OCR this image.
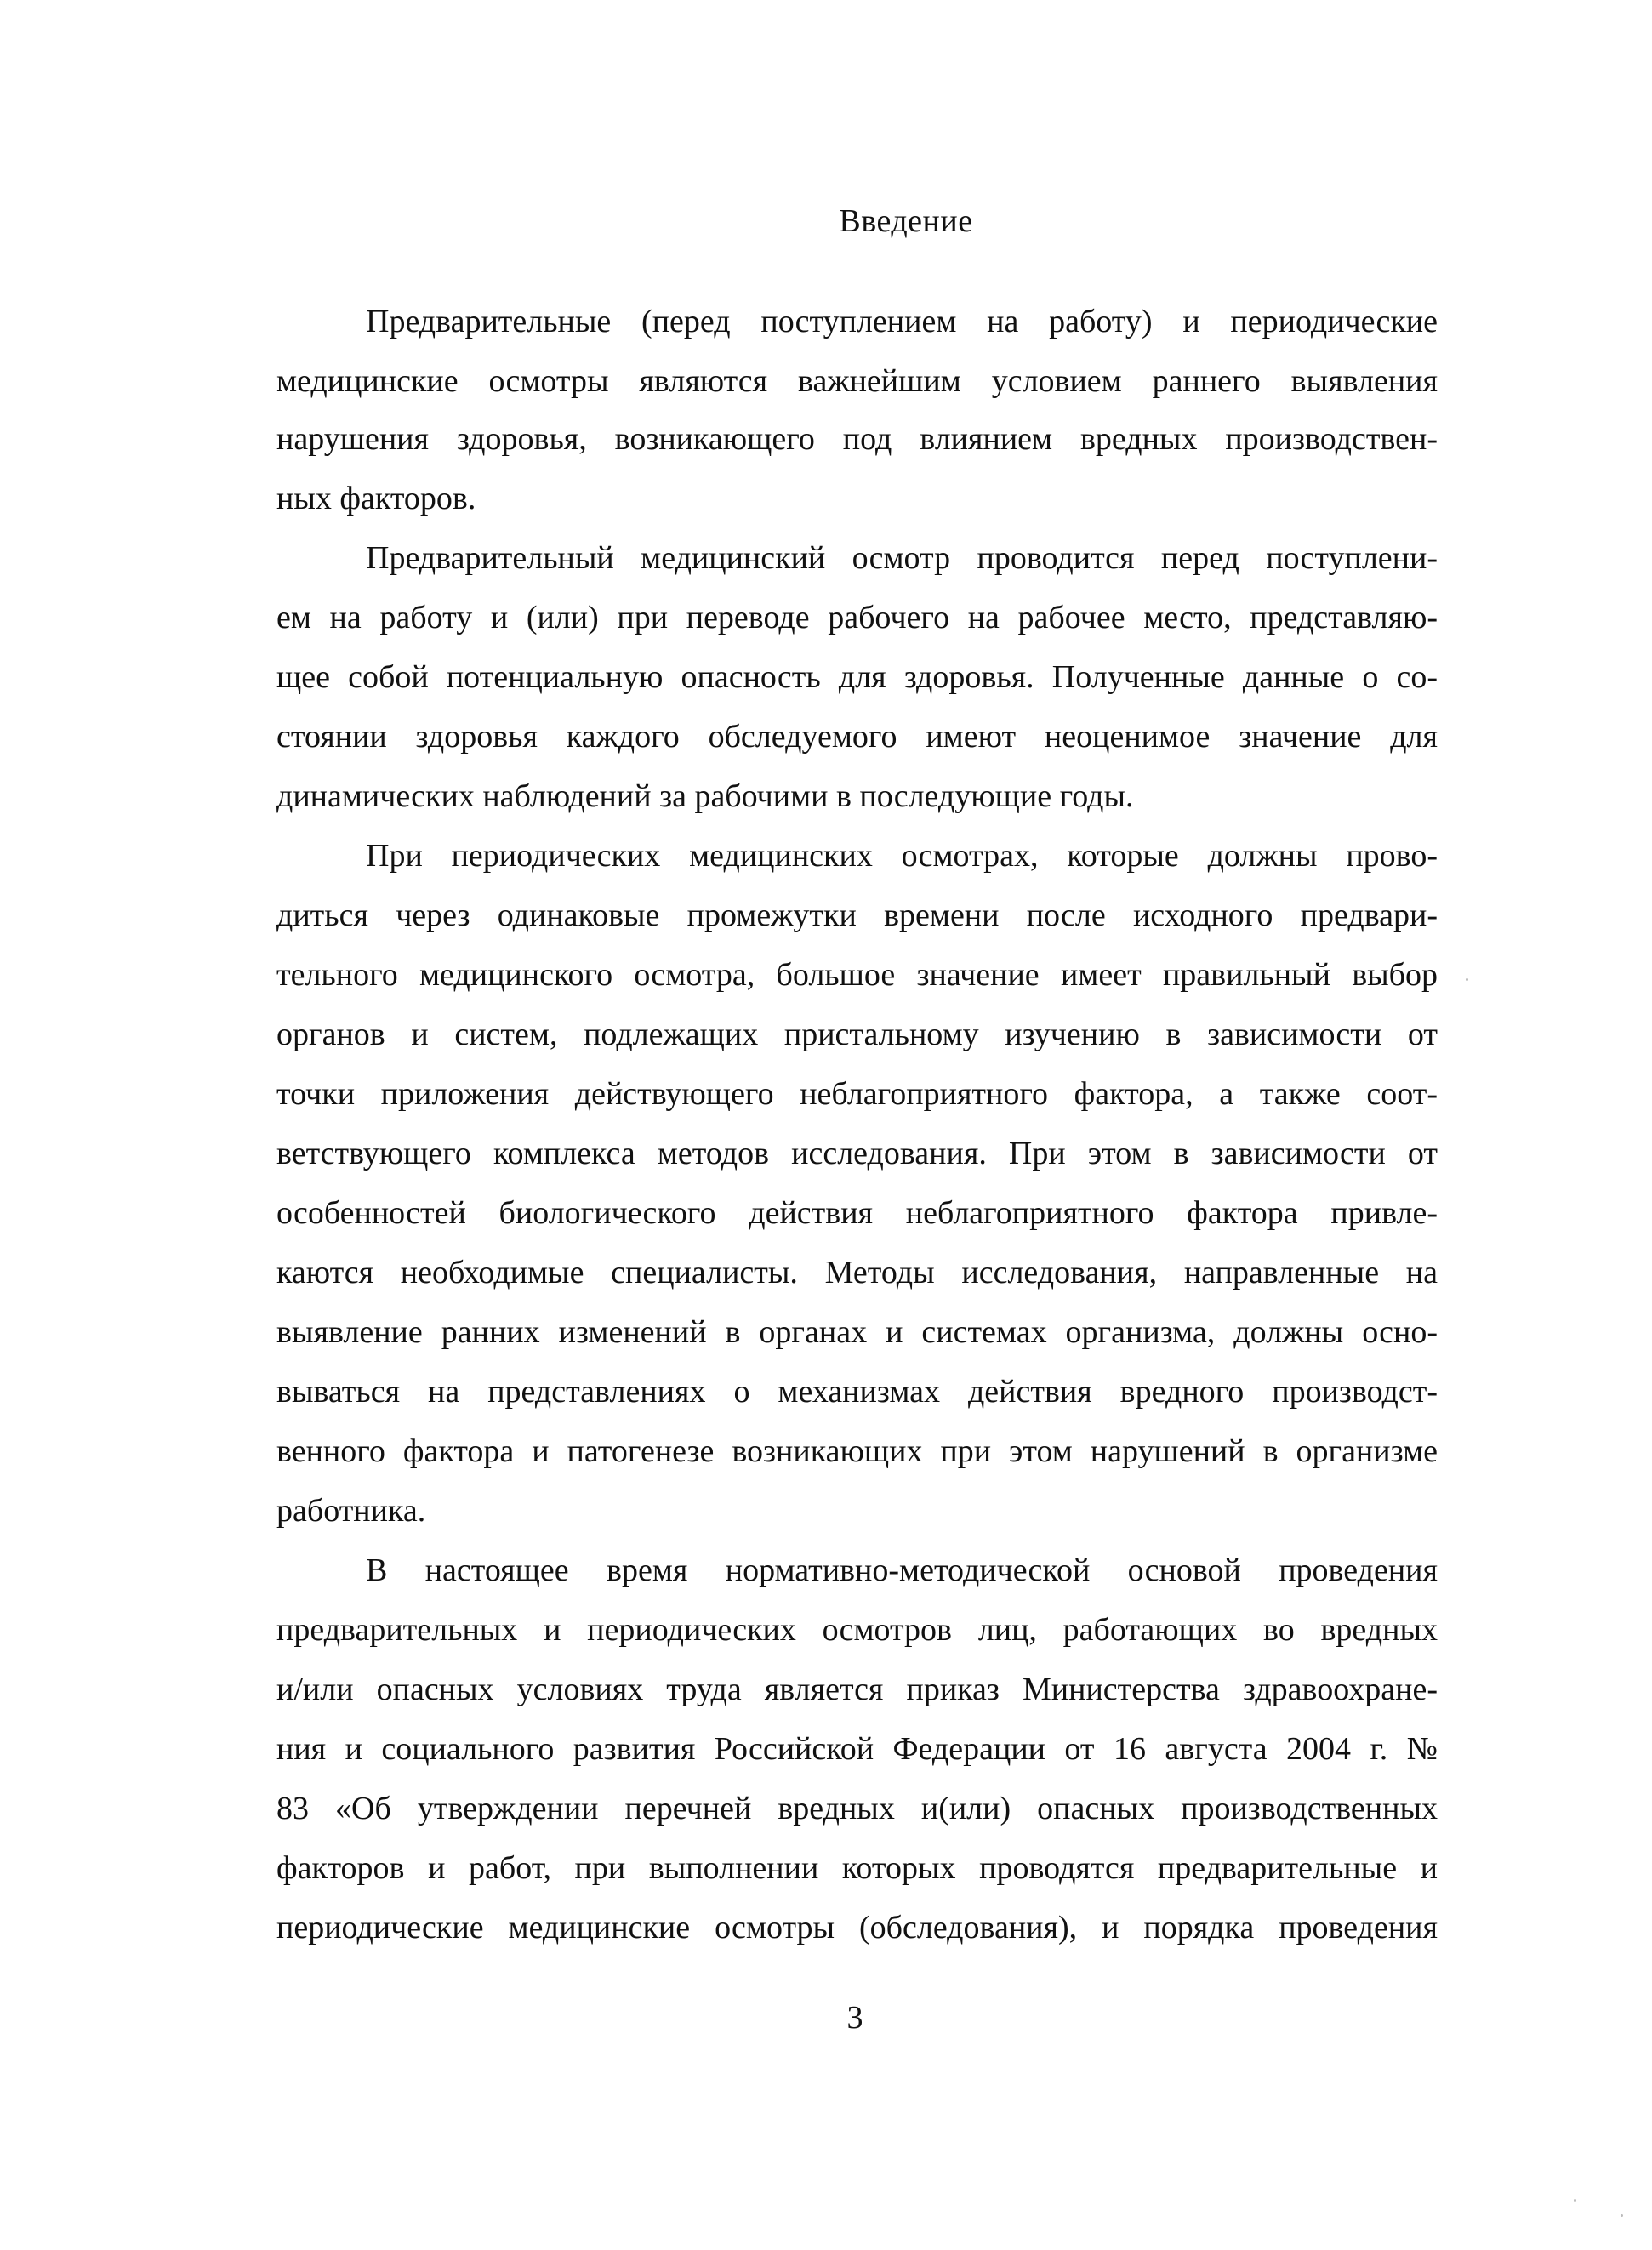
Введение
Предварительные (перед поступлением на работу) и периодические
медицинские осмотры являются важнейшим условием раннего выявления
нарушения здоровья, возникающего под влиянием вредных производствен-
ных факторов.
Предварительный медицинский осмотр проводится перед поступлени-
ем на работу и (или) при переводе рабочего на рабочее место, представляю-
щее собой потенциальную опасность для здоровья. Полученные данные о со-
стоянии здоровья каждого обследуемого имеют неоценимое значение для
динамических наблюдений за рабочими в последующие годы.
При периодических медицинских осмотрах, которые должны прово-
диться через одинаковые промежутки времени после исходного предвари-
тельного медицинского осмотра, большое значение имеет правильный выбор
органов и систем, подлежащих пристальному изучению в зависимости от
точки приложения действующего неблагоприятного фактора, а также соот-
ветствующего комплекса методов исследования. При этом в зависимости от
особенностей биологического действия неблагоприятного фактора привле-
каются необходимые специалисты. Методы исследования, направленные на
выявление ранних изменений в органах и системах организма, должны осно-
вываться на представлениях о механизмах действия вредного производст-
венного фактора и патогенезе возникающих при этом нарушений в организме
работника.
В настоящее время нормативно-методической основой проведения
предварительных и периодических осмотров лиц, работающих во вредных
и/или опасных условиях труда является приказ Министерства здравоохране-
ния и социального развития Российской Федерации от 16 августа 2004 г. №
83 «Об утверждении перечней вредных и(или) опасных производственных
факторов и работ, при выполнении которых проводятся предварительные и
периодические медицинские осмотры (обследования), и порядка проведения
3
